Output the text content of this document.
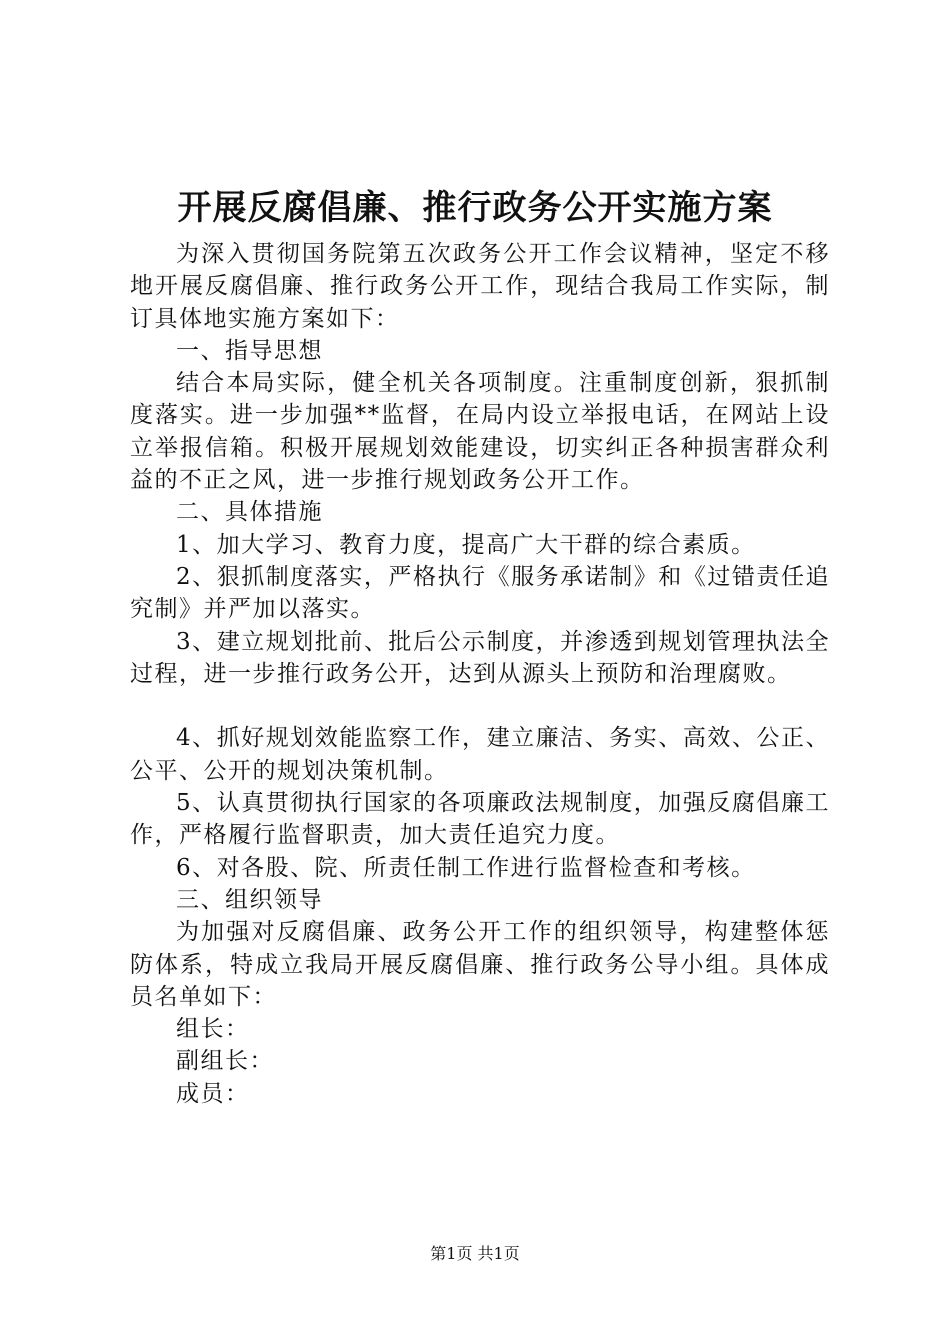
开展反腐倡廉、推行政务公开实施方案

为深入贯彻国务院第五次政务公开工作会议精神，坚定不移地开展反腐倡廉、推行政务公开工作，现结合我局工作实际，制订具体地实施方案如下：

一、指导思想

结合本局实际，健全机关各项制度。注重制度创新，狠抓制度落实。进一步加强**监督，在局内设立举报电话，在网站上设立举报信箱。积极开展规划效能建设，切实纠正各种损害群众利益的不正之风，进一步推行规划政务公开工作。

二、具体措施

1、加大学习、教育力度，提高广大干群的综合素质。

2、狠抓制度落实，严格执行《服务承诺制》和《过错责任追究制》并严加以落实。

3、建立规划批前、批后公示制度，并渗透到规划管理执法全过程，进一步推行政务公开，达到从源头上预防和治理腐败。

4、抓好规划效能监察工作，建立廉洁、务实、高效、公正、公平、公开的规划决策机制。

5、认真贯彻执行国家的各项廉政法规制度，加强反腐倡廉工作，严格履行监督职责，加大责任追究力度。

6、对各股、院、所责任制工作进行监督检查和考核。

三、组织领导

为加强对反腐倡廉、政务公开工作的组织领导，构建整体惩防体系，特成立我局开展反腐倡廉、推行政务公导小组。具体成员名单如下：

组长：

副组长：

成员：

第1页 共1页
